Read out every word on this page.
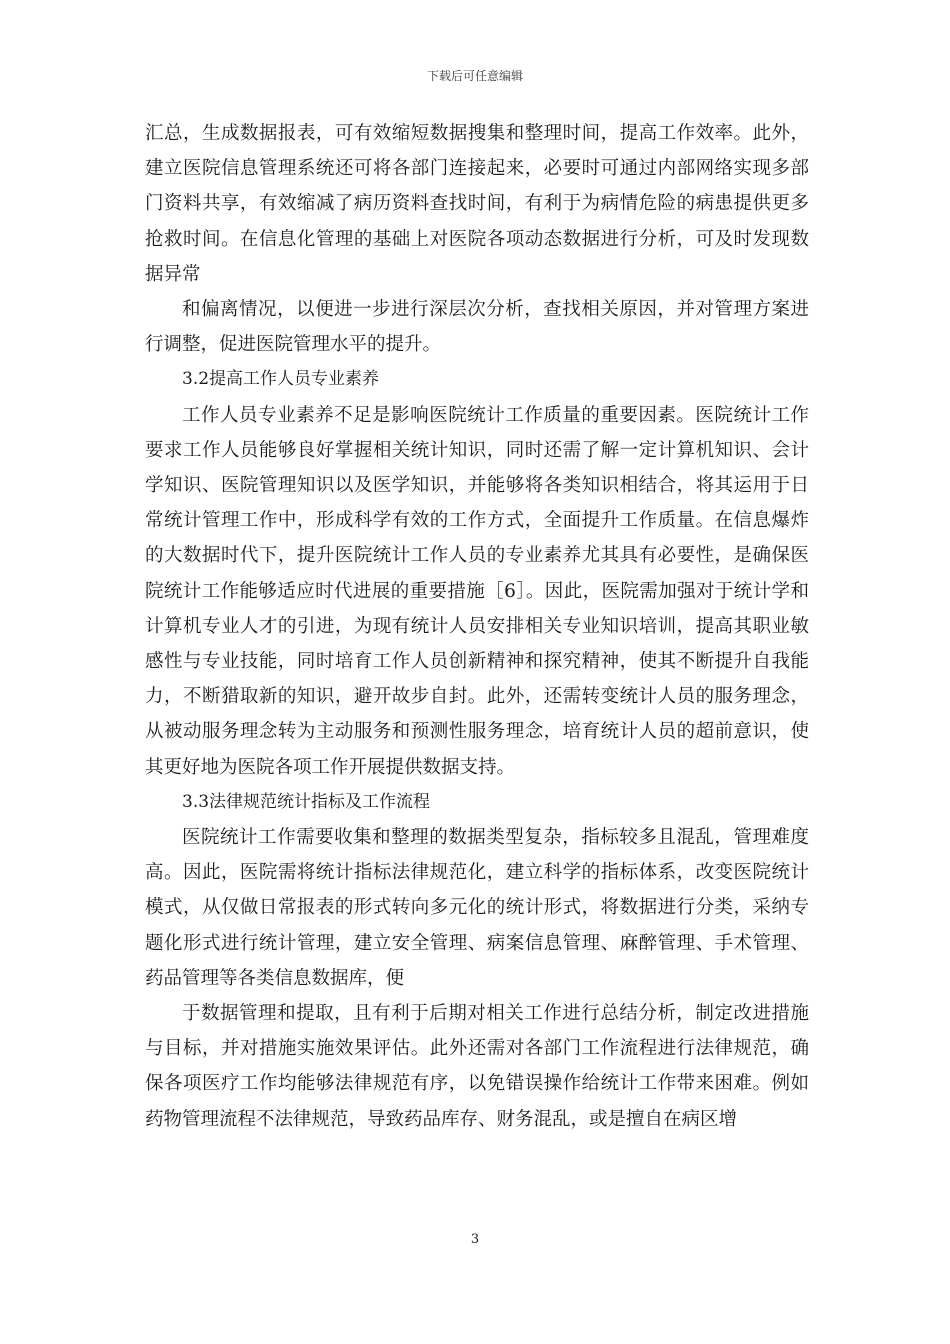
下载后可任意编辑

汇总，生成数据报表，可有效缩短数据搜集和整理时间，提高工作效率。此外，建立医院信息管理系统还可将各部门连接起来，必要时可通过内部网络实现多部门资料共享，有效缩减了病历资料查找时间，有利于为病情危险的病患提供更多抢救时间。在信息化管理的基础上对医院各项动态数据进行分析，可及时发现数据异常

和偏离情况，以便进一步进行深层次分析，查找相关原因，并对管理方案进行调整，促进医院管理水平的提升。

3.2提高工作人员专业素养

工作人员专业素养不足是影响医院统计工作质量的重要因素。医院统计工作要求工作人员能够良好掌握相关统计知识，同时还需了解一定计算机知识、会计学知识、医院管理知识以及医学知识，并能够将各类知识相结合，将其运用于日常统计管理工作中，形成科学有效的工作方式，全面提升工作质量。在信息爆炸的大数据时代下，提升医院统计工作人员的专业素养尤其具有必要性，是确保医院统计工作能够适应时代进展的重要措施［6］。因此，医院需加强对于统计学和计算机专业人才的引进，为现有统计人员安排相关专业知识培训，提高其职业敏感性与专业技能，同时培育工作人员创新精神和探究精神，使其不断提升自我能力，不断猎取新的知识，避开故步自封。此外，还需转变统计人员的服务理念，从被动服务理念转为主动服务和预测性服务理念，培育统计人员的超前意识，使其更好地为医院各项工作开展提供数据支持。

3.3法律规范统计指标及工作流程

医院统计工作需要收集和整理的数据类型复杂，指标较多且混乱，管理难度高。因此，医院需将统计指标法律规范化，建立科学的指标体系，改变医院统计模式，从仅做日常报表的形式转向多元化的统计形式，将数据进行分类，采纳专题化形式进行统计管理，建立安全管理、病案信息管理、麻醉管理、手术管理、药品管理等各类信息数据库，便

于数据管理和提取，且有利于后期对相关工作进行总结分析，制定改进措施与目标，并对措施实施效果评估。此外还需对各部门工作流程进行法律规范，确保各项医疗工作均能够法律规范有序，以免错误操作给统计工作带来困难。例如药物管理流程不法律规范，导致药品库存、财务混乱，或是擅自在病区增

3
